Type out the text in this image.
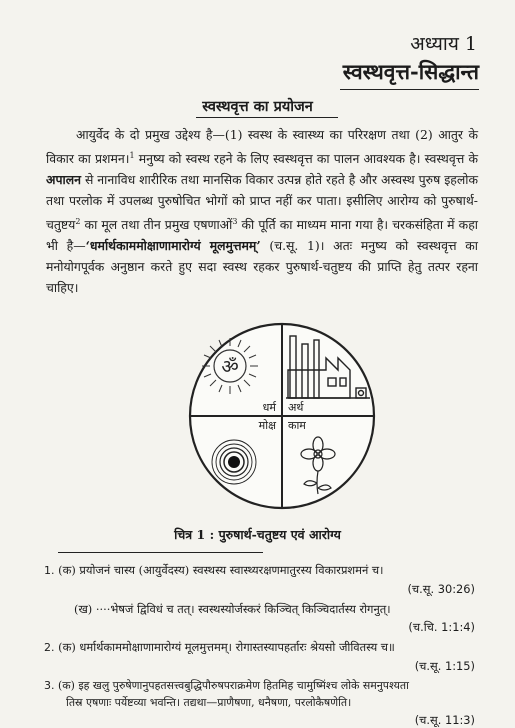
अध्याय 1
स्वस्थवृत्त-सिद्धान्त
स्वस्थवृत्त का प्रयोजन

आयुर्वेद के दो प्रमुख उद्देश्य है—(1) स्वस्थ के स्वास्थ्य का परिरक्षण तथा (2) आतुर के विकार का प्रशमन।$^1$ मनुष्य को स्वस्थ रहने के लिए स्वस्थवृत्त का पालन आवश्यक है। स्वस्थवृत्त के अपालन से नानाविध शारीरिक तथा मानसिक विकार उत्पन्न होते रहते है और अस्वस्थ पुरुष इहलोक तथा परलोक में उपलब्ध पुरुषोचित भोगों को प्राप्त नहीं कर पाता। इसीलिए आरोग्य को पुरुषार्थ-चतुष्टय$^2$ का मूल तथा तीन प्रमुख एषणाओं$^3$ की पूर्ति का माध्यम माना गया है। चरकसंहिता में कहा भी है—‘धर्मार्थकाममोक्षाणामारोग्यं मूलमुत्तमम्’ (च.सू. 1)। अतः मनुष्य को स्वस्थवृत्त का मनोयोगपूर्वक अनुष्ठान करते हुए सदा स्वस्थ रहकर पुरुषार्थ-चतुष्टय की प्राप्ति हेतु तत्पर रहना चाहिए।

ॐ
धर्म अर्थ
मोक्ष काम
चित्र 1 : पुरुषार्थ-चतुष्टय एवं आरोग्य
1. (क) प्रयोजनं चास्य (आयुर्वेदस्य) स्वस्थस्य स्वास्थ्यरक्षणमातुरस्य विकारप्रशमनं च।
(च.सू. 30:26)
(ख) ····भेषजं द्विविधं च तत्। स्वस्थस्योर्जस्करं किञ्चित् किञ्चिदार्तस्य रोगनुत्।
(च.चि. 1:1:4)
2. (क) धर्मार्थकाममोक्षाणामारोग्यं मूलमुत्तमम्। रोगास्तस्यापहर्तारः श्रेयसो जीवितस्य च॥
(च.सू. 1:15)
3. (क) इह खलु पुरुषेणानुपहतसत्त्वबुद्धिपौरुषपराक्रमेण हितमिह चामुष्मिंश्च लोके समनुपश्यता
तिस्र एषणाः पर्येष्टव्या भवन्ति। तद्यथा—प्राणैषणा, धनैषणा, परलोकैषणेति।
(च.सू. 11:3)
